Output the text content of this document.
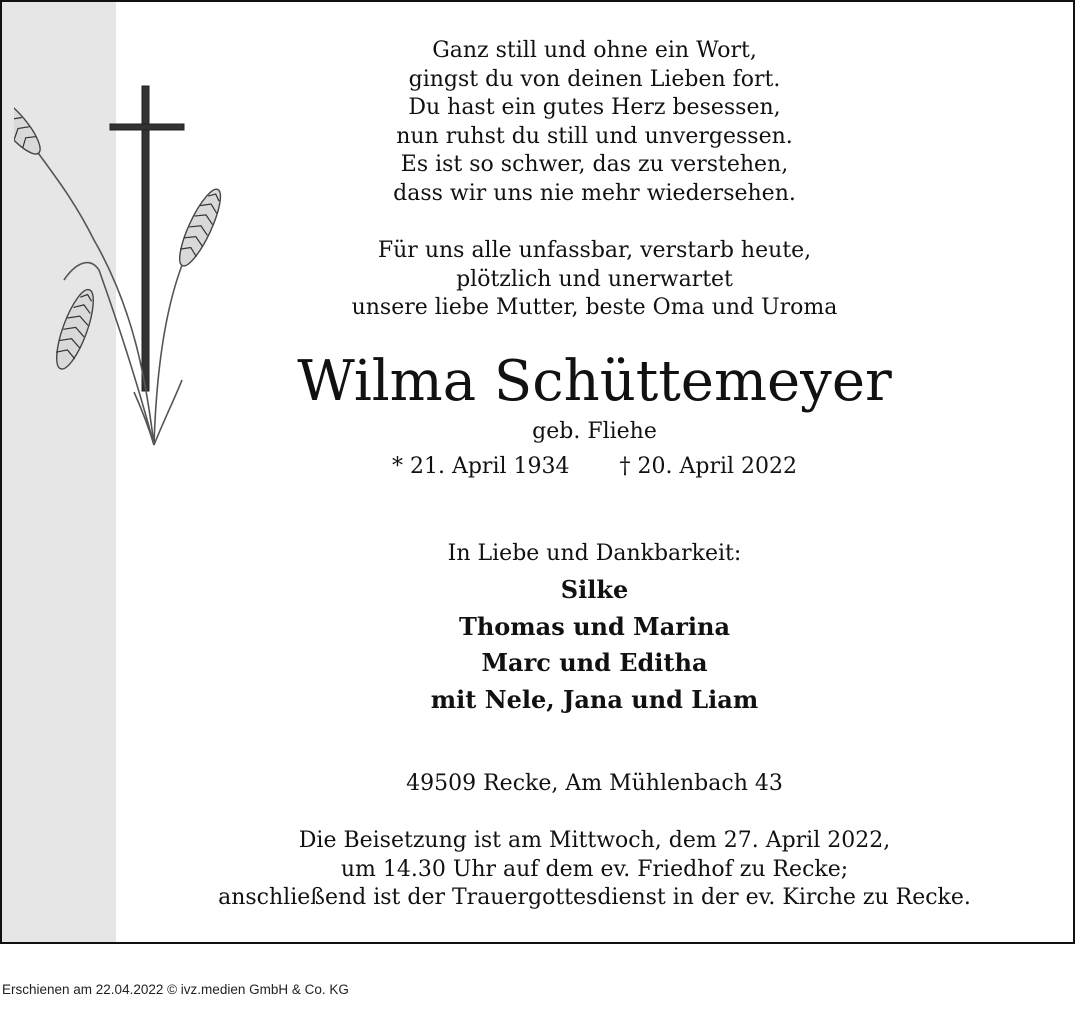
Ganz still und ohne ein Wort,
gingst du von deinen Lieben fort.
Du hast ein gutes Herz besessen,
nun ruhst du still und unvergessen.
Es ist so schwer, das zu verstehen,
dass wir uns nie mehr wiedersehen.
Für uns alle unfassbar, verstarb heute,
plötzlich und unerwartet
unsere liebe Mutter, beste Oma und Uroma
Wilma Schüttemeyer
geb. Fliehe
* 21. April 1934 † 20. April 2022
In Liebe und Dankbarkeit:
Silke
Thomas und Marina
Marc und Editha
mit Nele, Jana und Liam
49509 Recke, Am Mühlenbach 43
Die Beisetzung ist am Mittwoch, dem 27. April 2022,
um 14.30 Uhr auf dem ev. Friedhof zu Recke;
anschließend ist der Trauergottesdienst in der ev. Kirche zu Recke.
Erschienen am 22.04.2022 © ivz.medien GmbH & Co. KG
